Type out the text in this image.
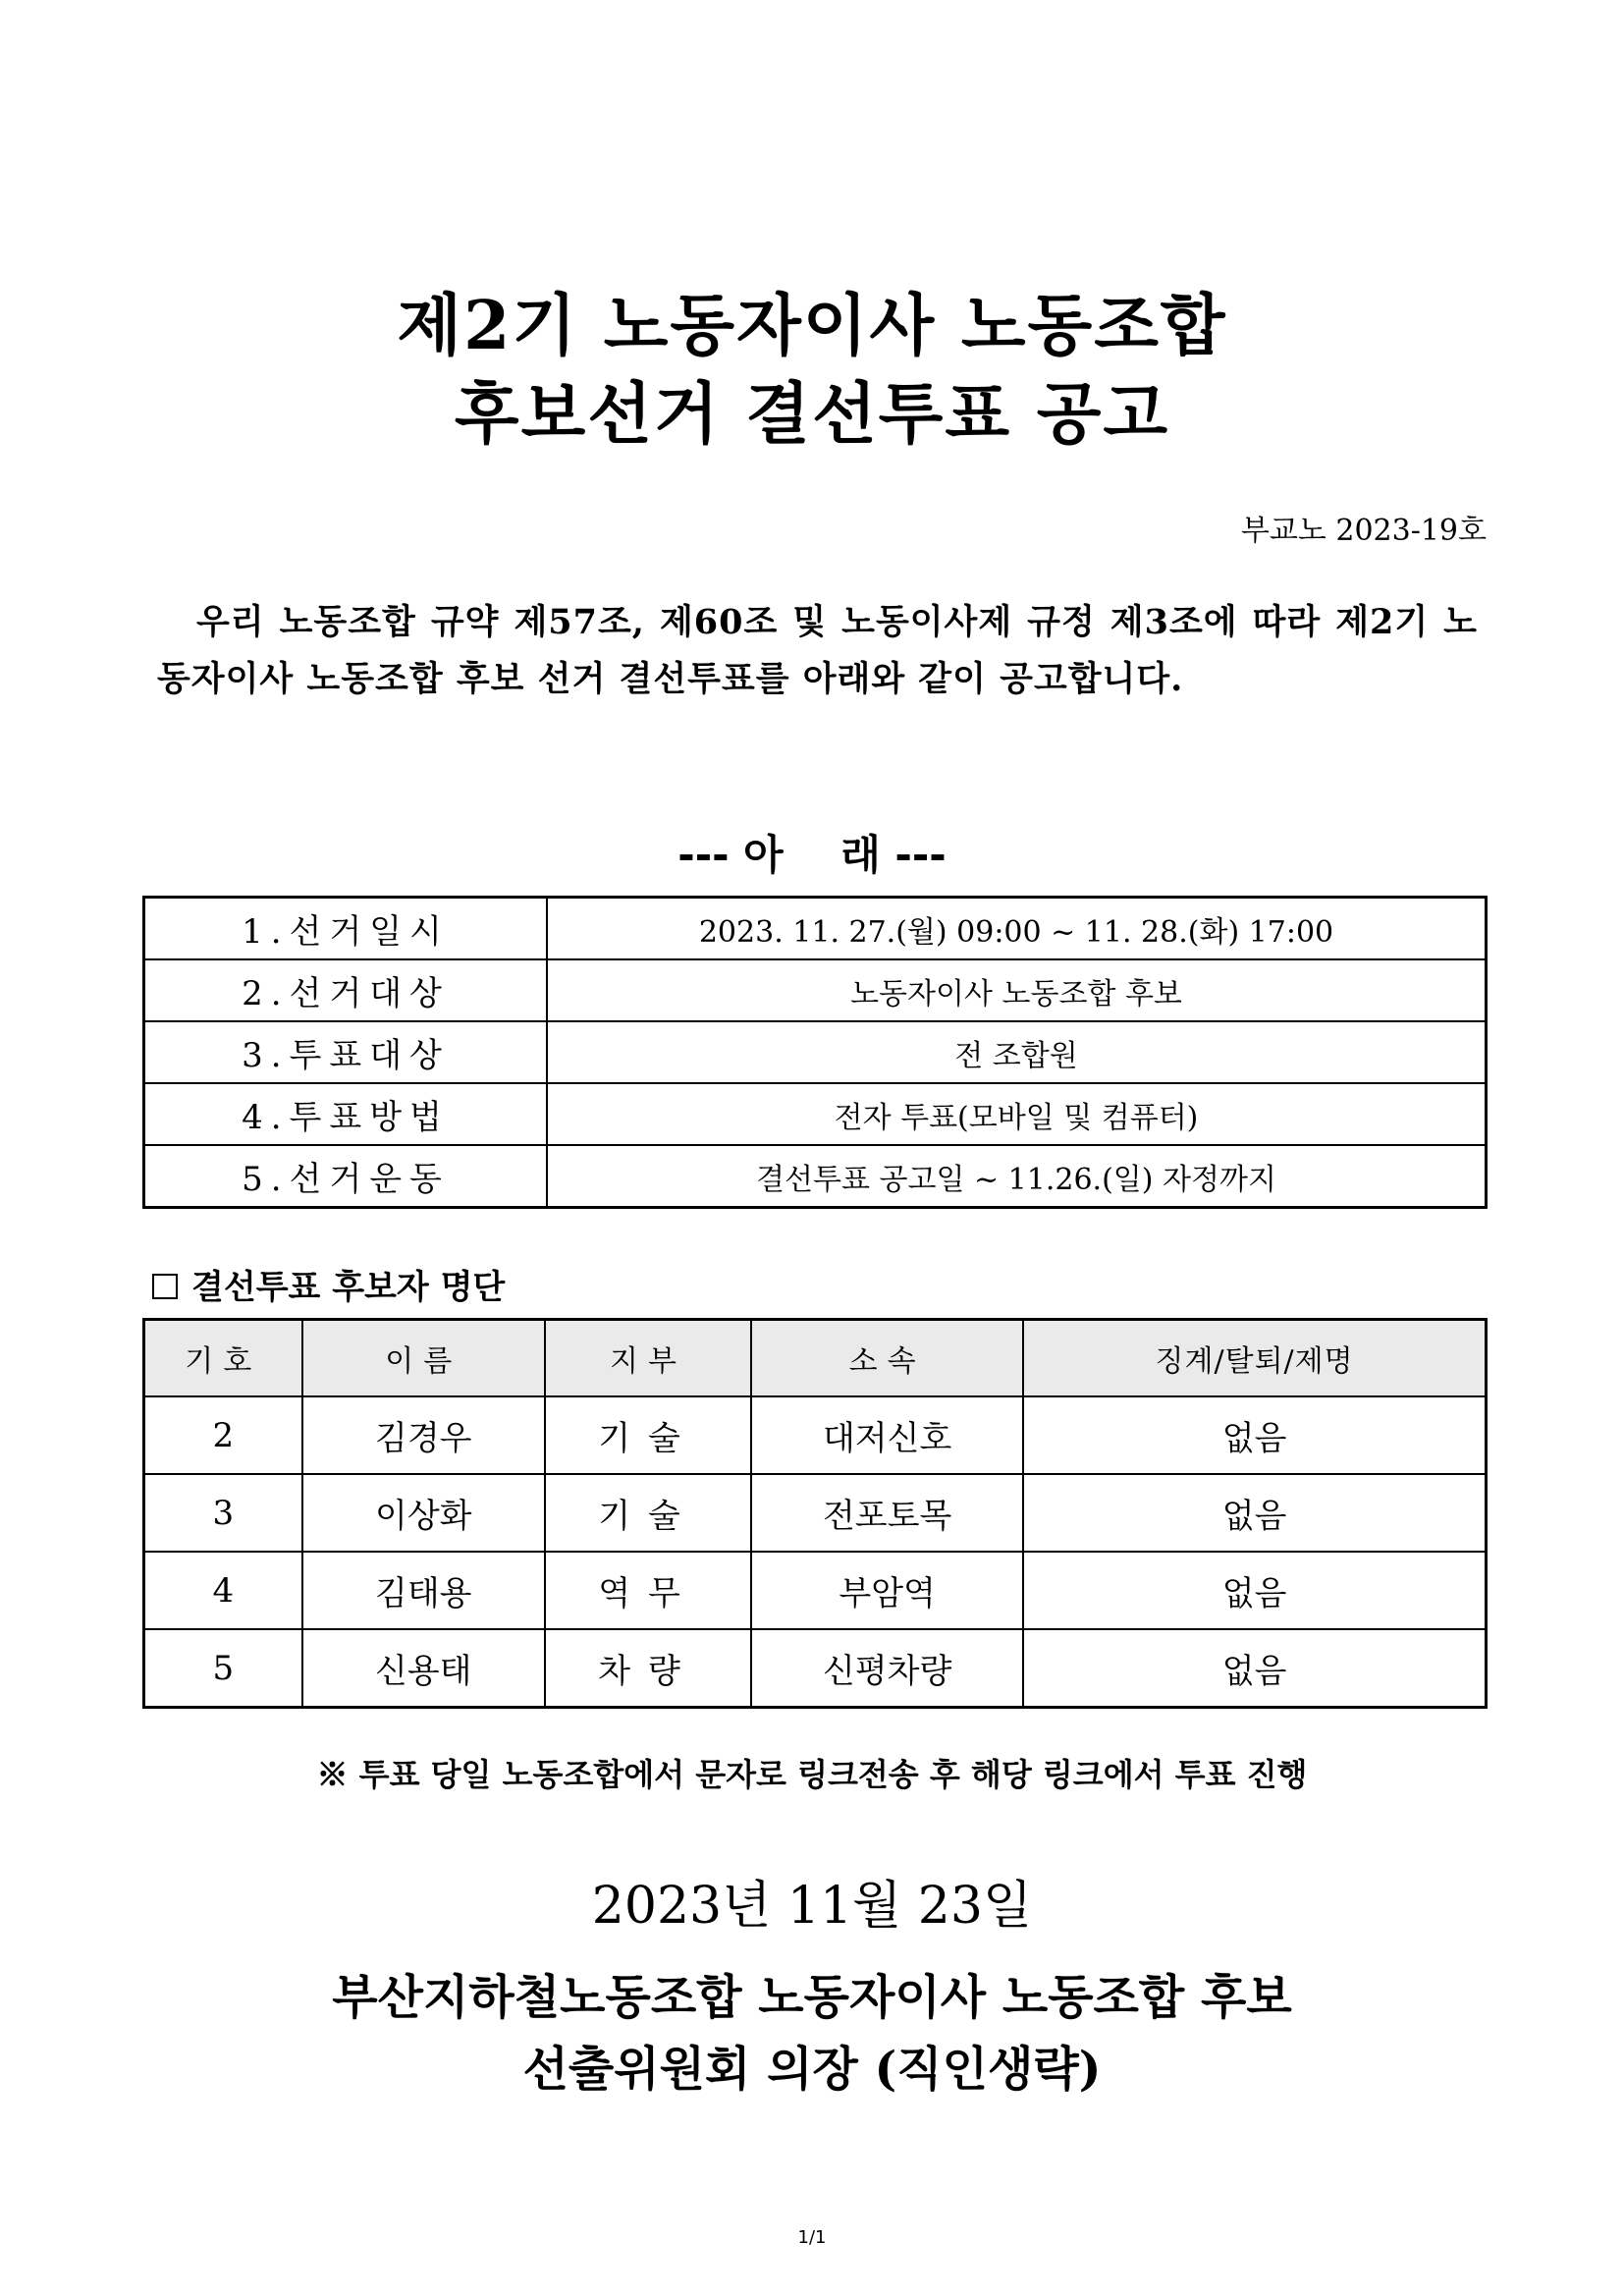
제2기 노동자이사 노동조합
후보선거 결선투표 공고
부교노 2023-19호
우리 노동조합 규약 제57조, 제60조 및 노동이사제 규정 제3조에 따라 제2기 노동자이사 노동조합 후보 선거 결선투표를 아래와 같이 공고합니다.
--- 아    래 ---
1.선거일시	2023. 11. 27.(월) 09:00 ~ 11. 28.(화) 17:00
2.선거대상	노동자이사 노동조합 후보
3.투표대상	전 조합원
4.투표방법	전자 투표(모바일 및 컴퓨터)
5.선거운동	결선투표 공고일 ~ 11.26.(일) 자정까지
결선투표 후보자 명단
기호	이름	지부	소속	징계/탈퇴/제명
2	김경우	기술	대저신호	없음
3	이상화	기술	전포토목	없음
4	김태용	역무	부암역	없음
5	신용태	차량	신평차량	없음
※ 투표 당일 노동조합에서 문자로 링크전송 후 해당 링크에서 투표 진행
2023년 11월 23일
부산지하철노동조합 노동자이사 노동조합 후보
선출위원회 의장 (직인생략)
1/1
